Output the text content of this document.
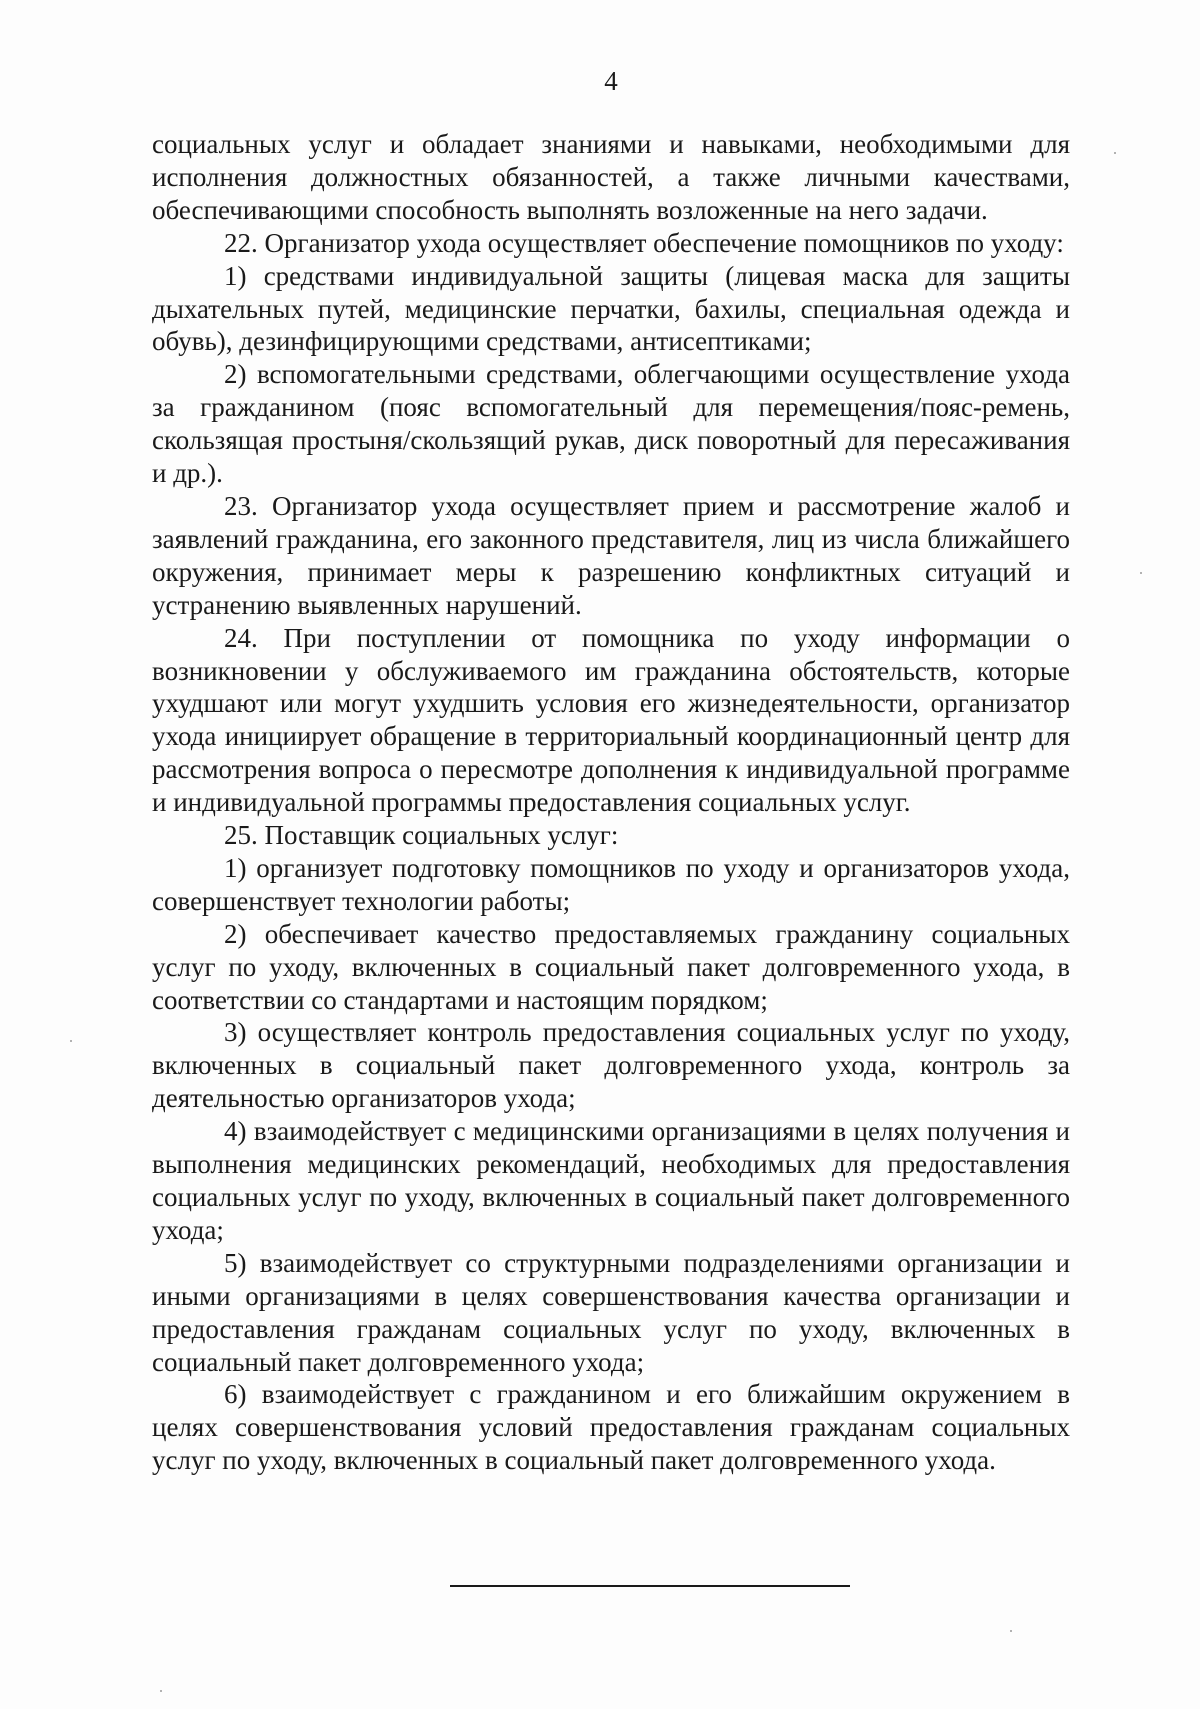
4

социальных услуг и обладает знаниями и навыками, необходимыми для исполнения должностных обязанностей, а также личными качествами, обеспечивающими способность выполнять возложенные на него задачи.

22. Организатор ухода осуществляет обеспечение помощников по уходу:

1) средствами индивидуальной защиты (лицевая маска для защиты дыхательных путей, медицинские перчатки, бахилы, специальная одежда и обувь), дезинфицирующими средствами, антисептиками;

2) вспомогательными средствами, облегчающими осуществление ухода за гражданином (пояс вспомогательный для перемещения/пояс-ремень, скользящая простыня/скользящий рукав, диск поворотный для пересаживания и др.).

23. Организатор ухода осуществляет прием и рассмотрение жалоб и заявлений гражданина, его законного представителя, лиц из числа ближайшего окружения, принимает меры к разрешению конфликтных ситуаций и устранению выявленных нарушений.

24. При поступлении от помощника по уходу информации о возникновении у обслуживаемого им гражданина обстоятельств, которые ухудшают или могут ухудшить условия его жизнедеятельности, организатор ухода инициирует обращение в территориальный координационный центр для рассмотрения вопроса о пересмотре дополнения к индивидуальной программе и индивидуальной программы предоставления социальных услуг.

25. Поставщик социальных услуг:

1) организует подготовку помощников по уходу и организаторов ухода, совершенствует технологии работы;

2) обеспечивает качество предоставляемых гражданину социальных услуг по уходу, включенных в социальный пакет долговременного ухода, в соответствии со стандартами и настоящим порядком;

3) осуществляет контроль предоставления социальных услуг по уходу, включенных в социальный пакет долговременного ухода, контроль за деятельностью организаторов ухода;

4) взаимодействует с медицинскими организациями в целях получения и выполнения медицинских рекомендаций, необходимых для предоставления социальных услуг по уходу, включенных в социальный пакет долговременного ухода;

5) взаимодействует со структурными подразделениями организации и иными организациями в целях совершенствования качества организации и предоставления гражданам социальных услуг по уходу, включенных в социальный пакет долговременного ухода;

6) взаимодействует с гражданином и его ближайшим окружением в целях совершенствования условий предоставления гражданам социальных услуг по уходу, включенных в социальный пакет долговременного ухода.
